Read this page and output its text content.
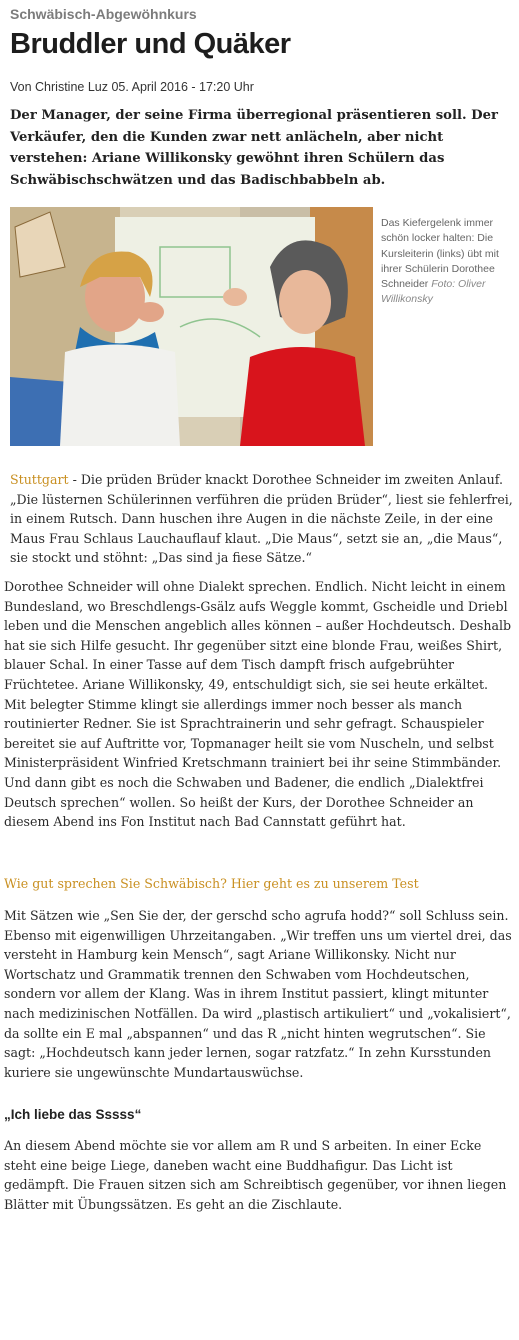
Schwäbisch-Abgewöhnkurs
Bruddler und Quäker
Von Christine Luz 05. April 2016 - 17:20 Uhr

Der Manager, der seine Firma überregional präsentieren soll. Der Verkäufer, den die Kunden zwar nett anlächeln, aber nicht verstehen: Ariane Willikonsky gewöhnt ihren Schülern das Schwäbischschwätzen und das Badischbabbeln ab.

Das Kiefergelenk immer schön locker halten: Die Kursleiterin (links) übt mit ihrer Schülerin Dorothee Schneider Foto: Oliver Willikonsky

Stuttgart - Die prüden Brüder knackt Dorothee Schneider im zweiten Anlauf. „Die lüsternen Schülerinnen verführen die prüden Brüder“, liest sie fehlerfrei, in einem Rutsch. Dann huschen ihre Augen in die nächste Zeile, in der eine Maus Frau Schlaus Lauchauflauf klaut. „Die Maus“, setzt sie an, „die Maus“, sie stockt und stöhnt: „Das sind ja fiese Sätze.“

Dorothee Schneider will ohne Dialekt sprechen. Endlich. Nicht leicht in einem Bundesland, wo Breschdlengs-Gsälz aufs Weggle kommt, Gscheidle und Driebl leben und die Menschen angeblich alles können – außer Hochdeutsch. Deshalb hat sie sich Hilfe gesucht. Ihr gegenüber sitzt eine blonde Frau, weißes Shirt, blauer Schal. In einer Tasse auf dem Tisch dampft frisch aufgebrühter Früchtetee. Ariane Willikonsky, 49, entschuldigt sich, sie sei heute erkältet. Mit belegter Stimme klingt sie allerdings immer noch besser als manch routinierter Redner. Sie ist Sprachtrainerin und sehr gefragt. Schauspieler bereitet sie auf Auftritte vor, Topmanager heilt sie vom Nuscheln, und selbst Ministerpräsident Winfried Kretschmann trainiert bei ihr seine Stimmbänder. Und dann gibt es noch die Schwaben und Badener, die endlich „Dialektfrei Deutsch sprechen“ wollen. So heißt der Kurs, der Dorothee Schneider an diesem Abend ins Fon Institut nach Bad Cannstatt geführt hat.

Wie gut sprechen Sie Schwäbisch? Hier geht es zu unserem Test

Mit Sätzen wie „Sen Sie der, der gerschd scho agrufa hodd?“ soll Schluss sein. Ebenso mit eigenwilligen Uhrzeitangaben. „Wir treffen uns um viertel drei, das versteht in Hamburg kein Mensch“, sagt Ariane Willikonsky. Nicht nur Wortschatz und Grammatik trennen den Schwaben vom Hochdeutschen, sondern vor allem der Klang. Was in ihrem Institut passiert, klingt mitunter nach medizinischen Notfällen. Da wird „plastisch artikuliert“ und „vokalisiert“, da sollte ein E mal „abspannen“ und das R „nicht hinten wegrutschen“. Sie sagt: „Hochdeutsch kann jeder lernen, sogar ratzfatz.“ In zehn Kursstunden kuriere sie ungewünschte Mundartauswüchse.

„Ich liebe das Sssss“

An diesem Abend möchte sie vor allem am R und S arbeiten. In einer Ecke steht eine beige Liege, daneben wacht eine Buddhafigur. Das Licht ist gedämpft. Die Frauen sitzen sich am Schreibtisch gegenüber, vor ihnen liegen Blätter mit Übungssätzen. Es geht an die Zischlaute.
